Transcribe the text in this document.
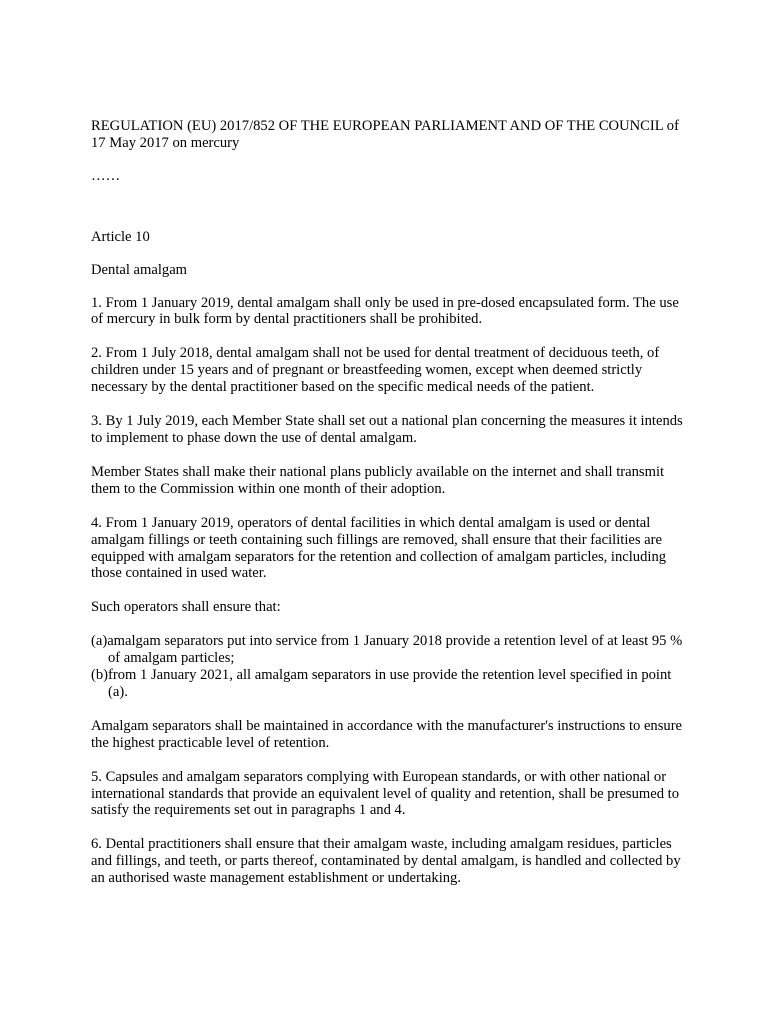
REGULATION (EU) 2017/852 OF THE EUROPEAN PARLIAMENT AND OF THE COUNCIL of 17 May 2017 on mercury

……

Article 10

Dental amalgam

1. From 1 January 2019, dental amalgam shall only be used in pre-dosed encapsulated form. The use of mercury in bulk form by dental practitioners shall be prohibited.

2. From 1 July 2018, dental amalgam shall not be used for dental treatment of deciduous teeth, of children under 15 years and of pregnant or breastfeeding women, except when deemed strictly necessary by the dental practitioner based on the specific medical needs of the patient.

3. By 1 July 2019, each Member State shall set out a national plan concerning the measures it intends to implement to phase down the use of dental amalgam.

Member States shall make their national plans publicly available on the internet and shall transmit them to the Commission within one month of their adoption.

4. From 1 January 2019, operators of dental facilities in which dental amalgam is used or dental amalgam fillings or teeth containing such fillings are removed, shall ensure that their facilities are equipped with amalgam separators for the retention and collection of amalgam particles, including those contained in used water.

Such operators shall ensure that:

(a)amalgam separators put into service from 1 January 2018 provide a retention level of at least 95 % of amalgam particles;

(b)from 1 January 2021, all amalgam separators in use provide the retention level specified in point (a).

Amalgam separators shall be maintained in accordance with the manufacturer's instructions to ensure the highest practicable level of retention.

5. Capsules and amalgam separators complying with European standards, or with other national or international standards that provide an equivalent level of quality and retention, shall be presumed to satisfy the requirements set out in paragraphs 1 and 4.

6. Dental practitioners shall ensure that their amalgam waste, including amalgam residues, particles and fillings, and teeth, or parts thereof, contaminated by dental amalgam, is handled and collected by an authorised waste management establishment or undertaking.
